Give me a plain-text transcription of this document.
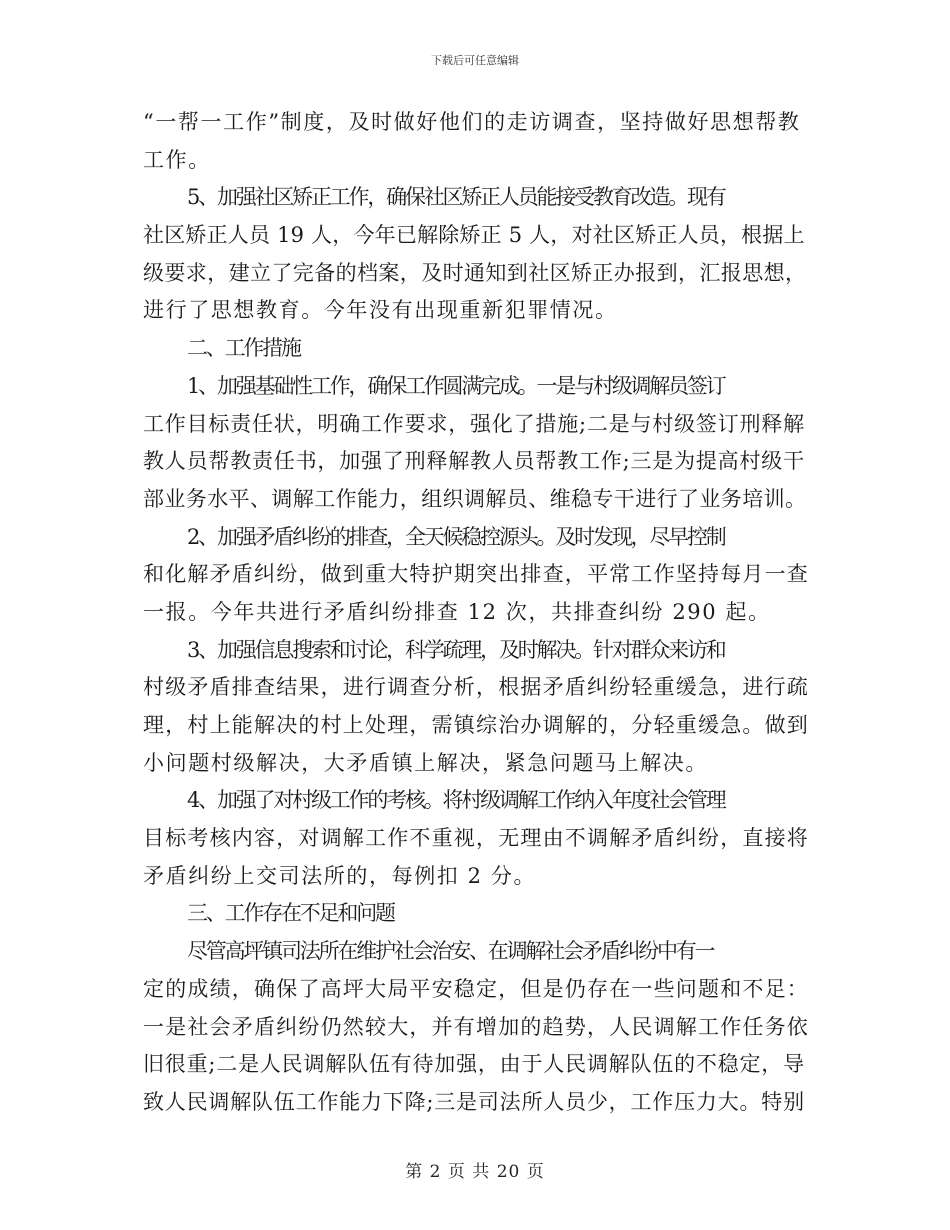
下载后可任意编辑
“一帮一工作”制度，及时做好他们的走访调查，坚持做好思想帮教
工作。
5、加强社区矫正工作，确保社区矫正人员能接受教育改造。现有
社区矫正人员 19 人，今年已解除矫正 5 人，对社区矫正人员，根据上
级要求，建立了完备的档案，及时通知到社区矫正办报到，汇报思想，
进行了思想教育。今年没有出现重新犯罪情况。
二、工作措施
1、加强基础性工作，确保工作圆满完成。一是与村级调解员签订
工作目标责任状，明确工作要求，强化了措施;二是与村级签订刑释解
教人员帮教责任书，加强了刑释解教人员帮教工作;三是为提高村级干
部业务水平、调解工作能力，组织调解员、维稳专干进行了业务培训。
2、加强矛盾纠纷的排查，全天候稳控源头。及时发现，尽早控制
和化解矛盾纠纷，做到重大特护期突出排查，平常工作坚持每月一查
一报。今年共进行矛盾纠纷排查 12 次，共排查纠纷 290 起。
3、加强信息搜索和讨论，科学疏理，及时解决。针对群众来访和
村级矛盾排查结果，进行调查分析，根据矛盾纠纷轻重缓急，进行疏
理，村上能解决的村上处理，需镇综治办调解的，分轻重缓急。做到
小问题村级解决，大矛盾镇上解决，紧急问题马上解决。
4、加强了对村级工作的考核。将村级调解工作纳入年度社会管理
目标考核内容，对调解工作不重视，无理由不调解矛盾纠纷，直接将
矛盾纠纷上交司法所的，每例扣 2 分。
三、工作存在不足和问题
尽管高坪镇司法所在维护社会治安、在调解社会矛盾纠纷中有一
定的成绩，确保了高坪大局平安稳定，但是仍存在一些问题和不足：
一是社会矛盾纠纷仍然较大，并有增加的趋势，人民调解工作任务依
旧很重;二是人民调解队伍有待加强，由于人民调解队伍的不稳定，导
致人民调解队伍工作能力下降;三是司法所人员少，工作压力大。特别
第 2 页 共 20 页
